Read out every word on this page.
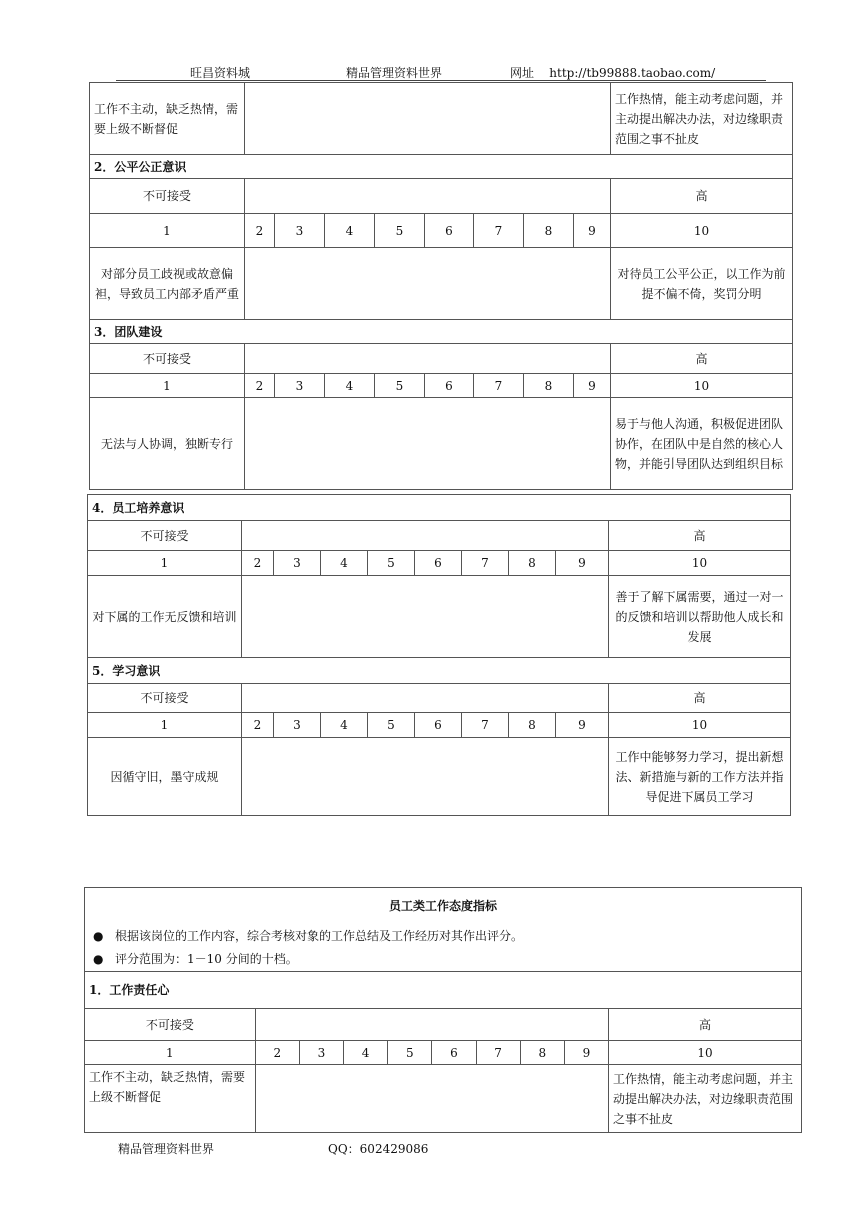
旺昌资料城	精品管理资料世界	网址 http://tb99888.taobao.com/
工作不主动，缺乏热情，需要上级不断督促									工作热情，能主动考虑问题，并主动提出解决办法，对边缘职责范围之事不扯皮
2．公平公正意识									
不可接受									高
1	2	3	4	5	6	7	8	9	10
对部分员工歧视或故意偏袒，导致员工内部矛盾严重									对待员工公平公正，以工作为前提不偏不倚，奖罚分明
3．团队建设									
不可接受									高
1	2	3	4	5	6	7	8	9	10
无法与人协调，独断专行									易于与他人沟通，积极促进团队协作，在团队中是自然的核心人物，并能引导团队达到组织目标
4．员工培养意识									
不可接受									高
1	2	3	4	5	6	7	8	9	10
对下属的工作无反馈和培训									善于了解下属需要，通过一对一的反馈和培训以帮助他人成长和发展
5．学习意识									
不可接受									高
1	2	3	4	5	6	7	8	9	10
因循守旧，墨守成规									工作中能够努力学习，提出新想法、新措施与新的工作方法并指导促进下属员工学习
员工类工作态度指标									
● 根据该岗位的工作内容，综合考核对象的工作总结及工作经历对其作出评分。									
● 评分范围为：1－10 分间的十档。									
1．工作责任心									
不可接受									高
1	2	3	4	5	6	7	8	9	10
工作不主动，缺乏热情，需要上级不断督促									工作热情，能主动考虑问题，并主动提出解决办法，对边缘职责范围之事不扯皮
精品管理资料世界	QQ：602429086
